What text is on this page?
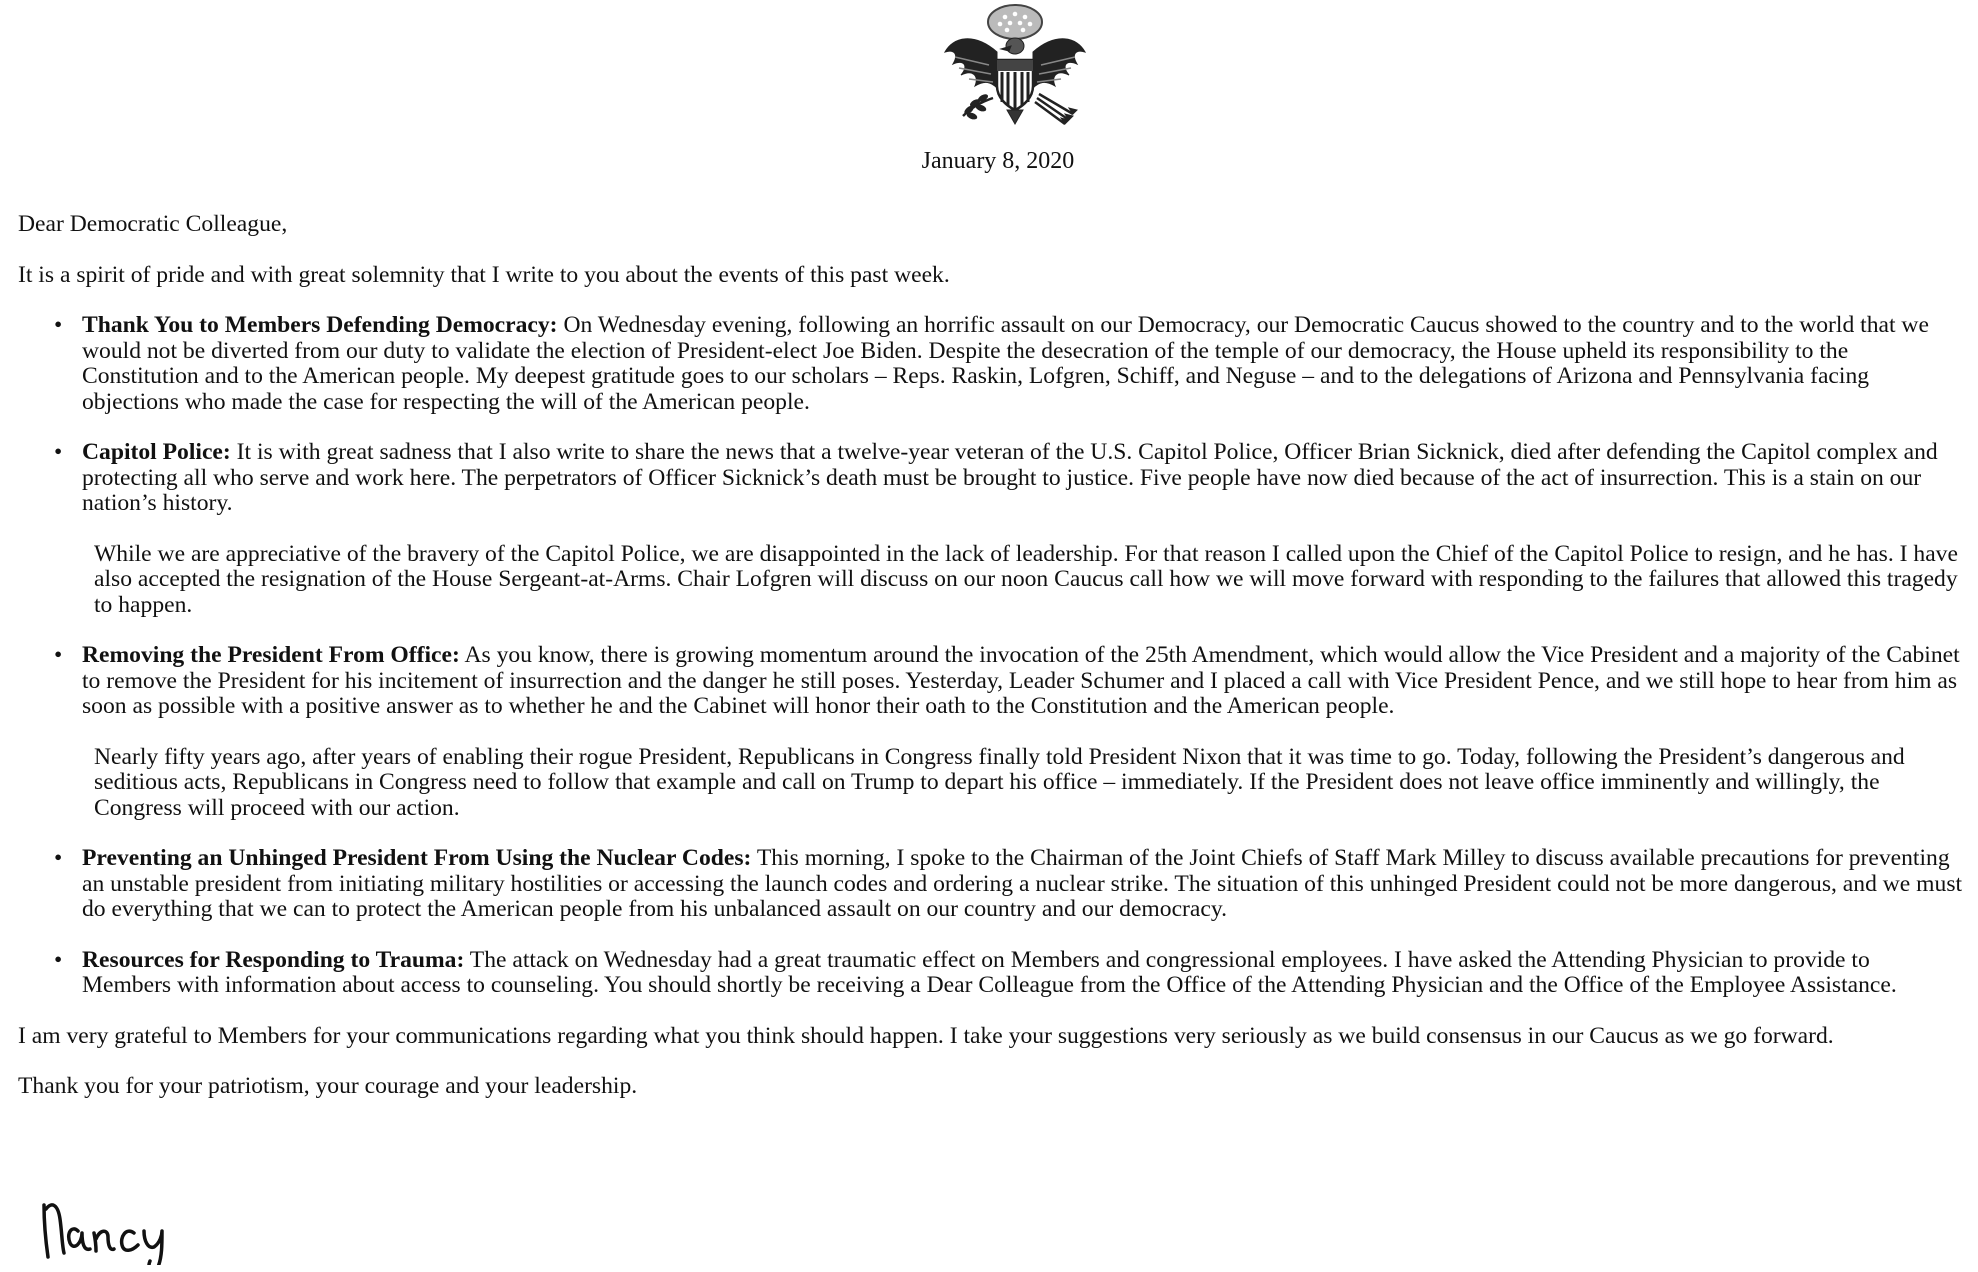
January 8, 2020

Dear Democratic Colleague,

It is a spirit of pride and with great solemnity that I write to you about the events of this past week.

• Thank You to Members Defending Democracy: On Wednesday evening, following an horrific assault on our Democracy, our Democratic Caucus showed to the country and to the world that we would not be diverted from our duty to validate the election of President-elect Joe Biden. Despite the desecration of the temple of our democracy, the House upheld its responsibility to the Constitution and to the American people. My deepest gratitude goes to our scholars – Reps. Raskin, Lofgren, Schiff, and Neguse – and to the delegations of Arizona and Pennsylvania facing objections who made the case for respecting the will of the American people.
• Capitol Police: It is with great sadness that I also write to share the news that a twelve-year veteran of the U.S. Capitol Police, Officer Brian Sicknick, died after defending the Capitol complex and protecting all who serve and work here. The perpetrators of Officer Sicknick’s death must be brought to justice. Five people have now died because of the act of insurrection. This is a stain on our nation’s history.

While we are appreciative of the bravery of the Capitol Police, we are disappointed in the lack of leadership. For that reason I called upon the Chief of the Capitol Police to resign, and he has. I have also accepted the resignation of the House Sergeant-at-Arms. Chair Lofgren will discuss on our noon Caucus call how we will move forward with responding to the failures that allowed this tragedy to happen.

• Removing the President From Office: As you know, there is growing momentum around the invocation of the 25th Amendment, which would allow the Vice President and a majority of the Cabinet to remove the President for his incitement of insurrection and the danger he still poses. Yesterday, Leader Schumer and I placed a call with Vice President Pence, and we still hope to hear from him as soon as possible with a positive answer as to whether he and the Cabinet will honor their oath to the Constitution and the American people.

Nearly fifty years ago, after years of enabling their rogue President, Republicans in Congress finally told President Nixon that it was time to go. Today, following the President’s dangerous and seditious acts, Republicans in Congress need to follow that example and call on Trump to depart his office – immediately. If the President does not leave office imminently and willingly, the Congress will proceed with our action.

• Preventing an Unhinged President From Using the Nuclear Codes: This morning, I spoke to the Chairman of the Joint Chiefs of Staff Mark Milley to discuss available precautions for preventing an unstable president from initiating military hostilities or accessing the launch codes and ordering a nuclear strike. The situation of this unhinged President could not be more dangerous, and we must do everything that we can to protect the American people from his unbalanced assault on our country and our democracy.
• Resources for Responding to Trauma: The attack on Wednesday had a great traumatic effect on Members and congressional employees. I have asked the Attending Physician to provide to Members with information about access to counseling. You should shortly be receiving a Dear Colleague from the Office of the Attending Physician and the Office of the Employee Assistance.

I am very grateful to Members for your communications regarding what you think should happen. I take your suggestions very seriously as we build consensus in our Caucus as we go forward.

Thank you for your patriotism, your courage and your leadership.
